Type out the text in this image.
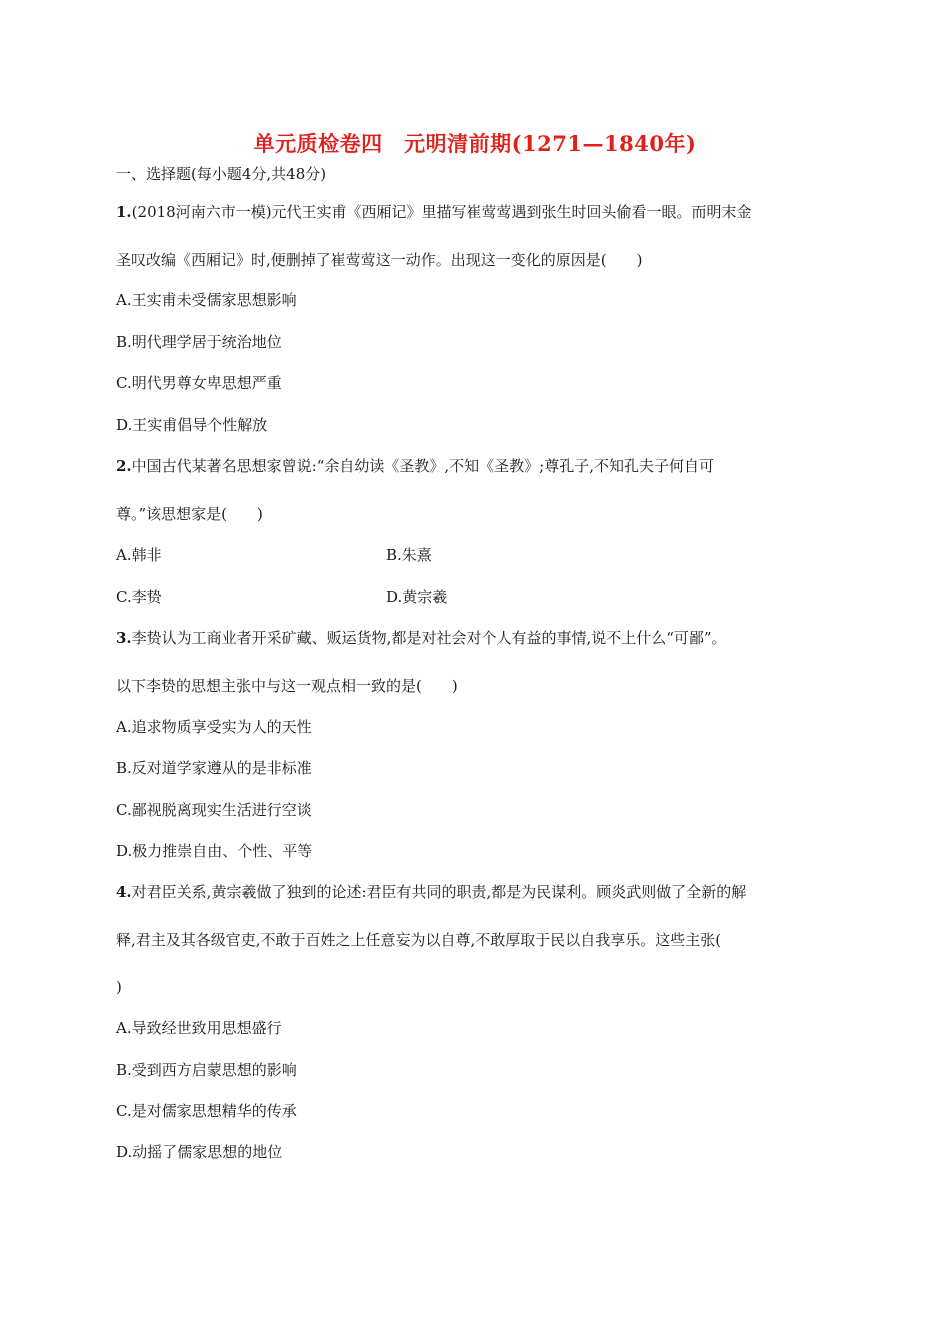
单元质检卷四　元明清前期(1271—1840年)
一、选择题(每小题4分,共48分)
1.(2018河南六市一模)元代王实甫《西厢记》里描写崔莺莺遇到张生时回头偷看一眼。而明末金
圣叹改编《西厢记》时,便删掉了崔莺莺这一动作。出现这一变化的原因是(　　)
A.王实甫未受儒家思想影响
B.明代理学居于统治地位
C.明代男尊女卑思想严重
D.王实甫倡导个性解放
2.中国古代某著名思想家曾说:“余自幼读《圣教》,不知《圣教》;尊孔子,不知孔夫子何自可
尊。”该思想家是(　　)
A.韩非	B.朱熹
C.李贽	D.黄宗羲
3.李贽认为工商业者开采矿藏、贩运货物,都是对社会对个人有益的事情,说不上什么“可鄙”。
以下李贽的思想主张中与这一观点相一致的是(　　)
A.追求物质享受实为人的天性
B.反对道学家遵从的是非标准
C.鄙视脱离现实生活进行空谈
D.极力推崇自由、个性、平等
4.对君臣关系,黄宗羲做了独到的论述:君臣有共同的职责,都是为民谋利。顾炎武则做了全新的解
释,君主及其各级官吏,不敢于百姓之上任意妄为以自尊,不敢厚取于民以自我享乐。这些主张(
)
A.导致经世致用思想盛行
B.受到西方启蒙思想的影响
C.是对儒家思想精华的传承
D.动摇了儒家思想的地位
